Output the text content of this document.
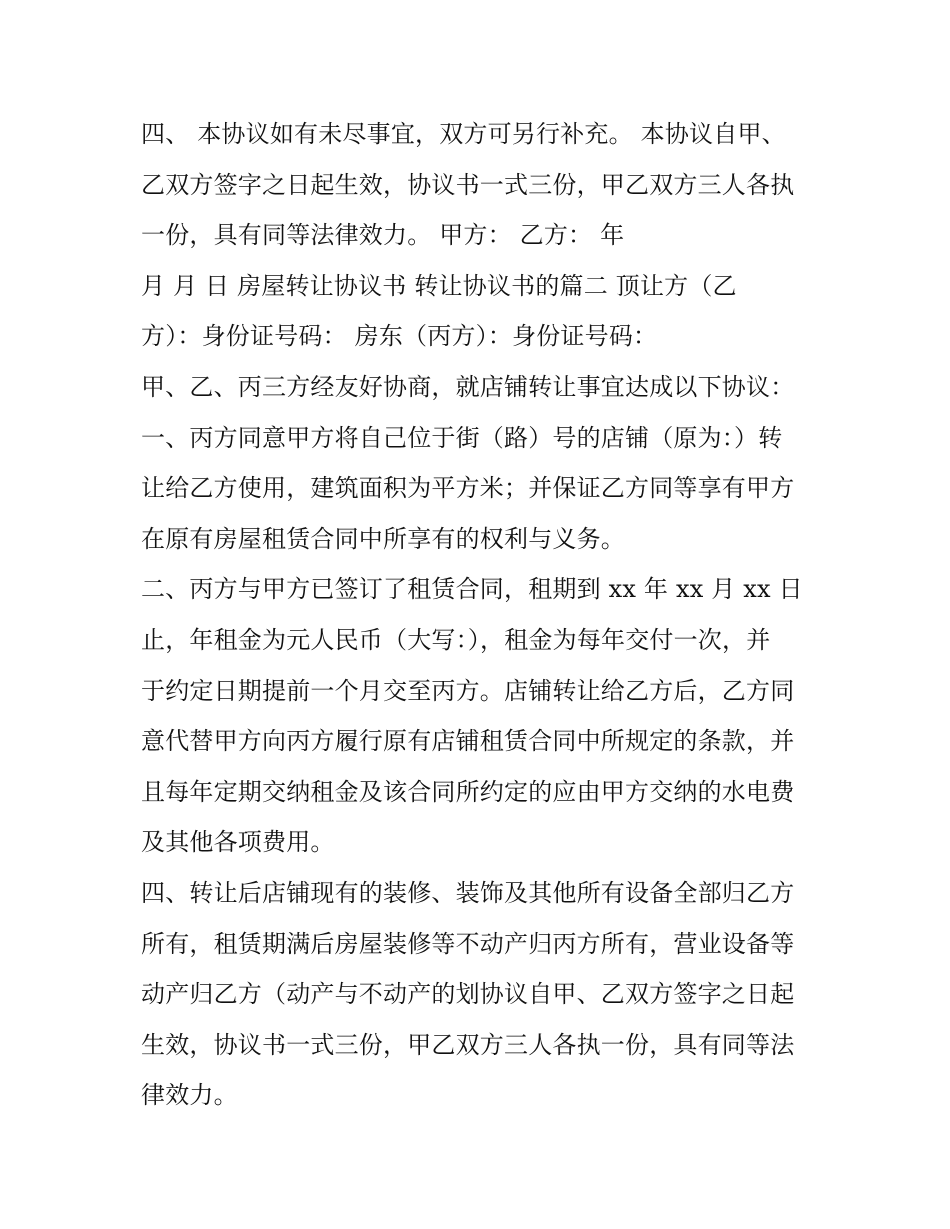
四、 本协议如有未尽事宜，双方可另行补充。 本协议自甲、
乙双方签字之日起生效，协议书一式三份，甲乙双方三人各执
一份，具有同等法律效力。 甲方： 乙方： 年
月 月 日 房屋转让协议书 转让协议书的篇二 顶让方（乙
方）：身份证号码： 房东（丙方）：身份证号码：
甲、乙、丙三方经友好协商，就店铺转让事宜达成以下协议：
一、丙方同意甲方将自己位于街（路）号的店铺（原为：）转
让给乙方使用，建筑面积为平方米；并保证乙方同等享有甲方
在原有房屋租赁合同中所享有的权利与义务。
二、丙方与甲方已签订了租赁合同，租期到 xx 年 xx 月 xx 日
止，年租金为元人民币（大写：），租金为每年交付一次，并
于约定日期提前一个月交至丙方。店铺转让给乙方后，乙方同
意代替甲方向丙方履行原有店铺租赁合同中所规定的条款，并
且每年定期交纳租金及该合同所约定的应由甲方交纳的水电费
及其他各项费用。
四、转让后店铺现有的装修、装饰及其他所有设备全部归乙方
所有，租赁期满后房屋装修等不动产归丙方所有，营业设备等
动产归乙方（动产与不动产的划协议自甲、乙双方签字之日起
生效，协议书一式三份，甲乙双方三人各执一份，具有同等法
律效力。
